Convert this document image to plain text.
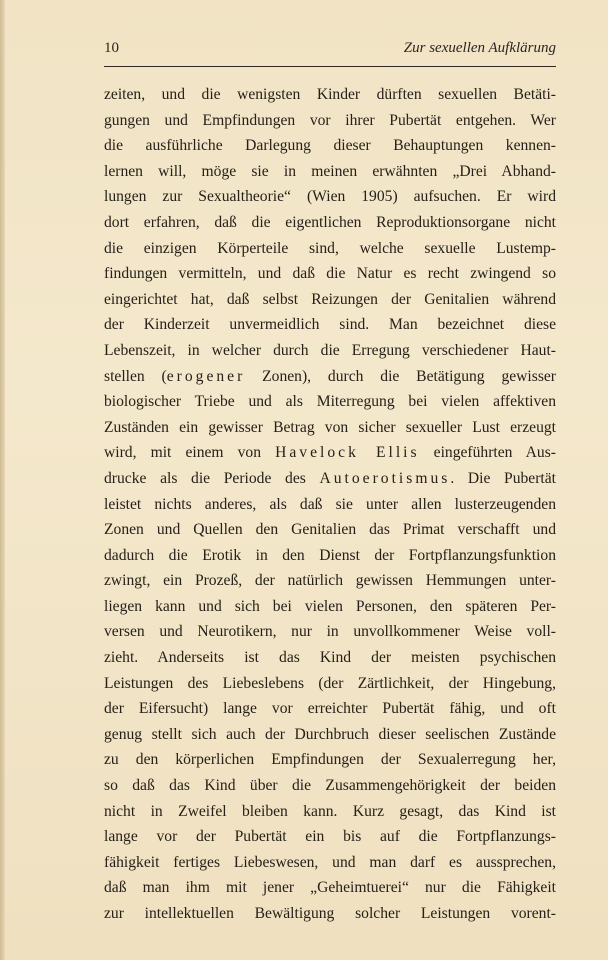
10	Zur sexuellen Aufklärung
zeiten, und die wenigsten Kinder dürften sexuellen Betäti-
gungen und Empfindungen vor ihrer Pubertät entgehen. Wer
die ausführliche Darlegung dieser Behauptungen kennen-
lernen will, möge sie in meinen erwähnten „Drei Abhand-
lungen zur Sexualtheorie“ (Wien 1905) aufsuchen. Er wird
dort erfahren, daß die eigentlichen Reproduktionsorgane nicht
die einzigen Körperteile sind, welche sexuelle Lustemp-
findungen vermitteln, und daß die Natur es recht zwingend so
eingerichtet hat, daß selbst Reizungen der Genitalien während
der Kinderzeit unvermeidlich sind. Man bezeichnet diese
Lebenszeit, in welcher durch die Erregung verschiedener Haut-
stellen (erogener Zonen), durch die Betätigung gewisser
biologischer Triebe und als Miterregung bei vielen affektiven
Zuständen ein gewisser Betrag von sicher sexueller Lust erzeugt
wird, mit einem von Havelock Ellis eingeführten Aus-
drucke als die Periode des Autoerotismus. Die Pubertät
leistet nichts anderes, als daß sie unter allen lusterzeugenden
Zonen und Quellen den Genitalien das Primat verschafft und
dadurch die Erotik in den Dienst der Fortpflanzungsfunktion
zwingt, ein Prozeß, der natürlich gewissen Hemmungen unter-
liegen kann und sich bei vielen Personen, den späteren Per-
versen und Neurotikern, nur in unvollkommener Weise voll-
zieht. Anderseits ist das Kind der meisten psychischen
Leistungen des Liebeslebens (der Zärtlichkeit, der Hingebung,
der Eifersucht) lange vor erreichter Pubertät fähig, und oft
genug stellt sich auch der Durchbruch dieser seelischen Zustände
zu den körperlichen Empfindungen der Sexualerregung her,
so daß das Kind über die Zusammengehörigkeit der beiden
nicht in Zweifel bleiben kann. Kurz gesagt, das Kind ist
lange vor der Pubertät ein bis auf die Fortpflanzungs-
fähigkeit fertiges Liebeswesen, und man darf es aussprechen,
daß man ihm mit jener „Geheimtuerei“ nur die Fähigkeit
zur intellektuellen Bewältigung solcher Leistungen vorent-
